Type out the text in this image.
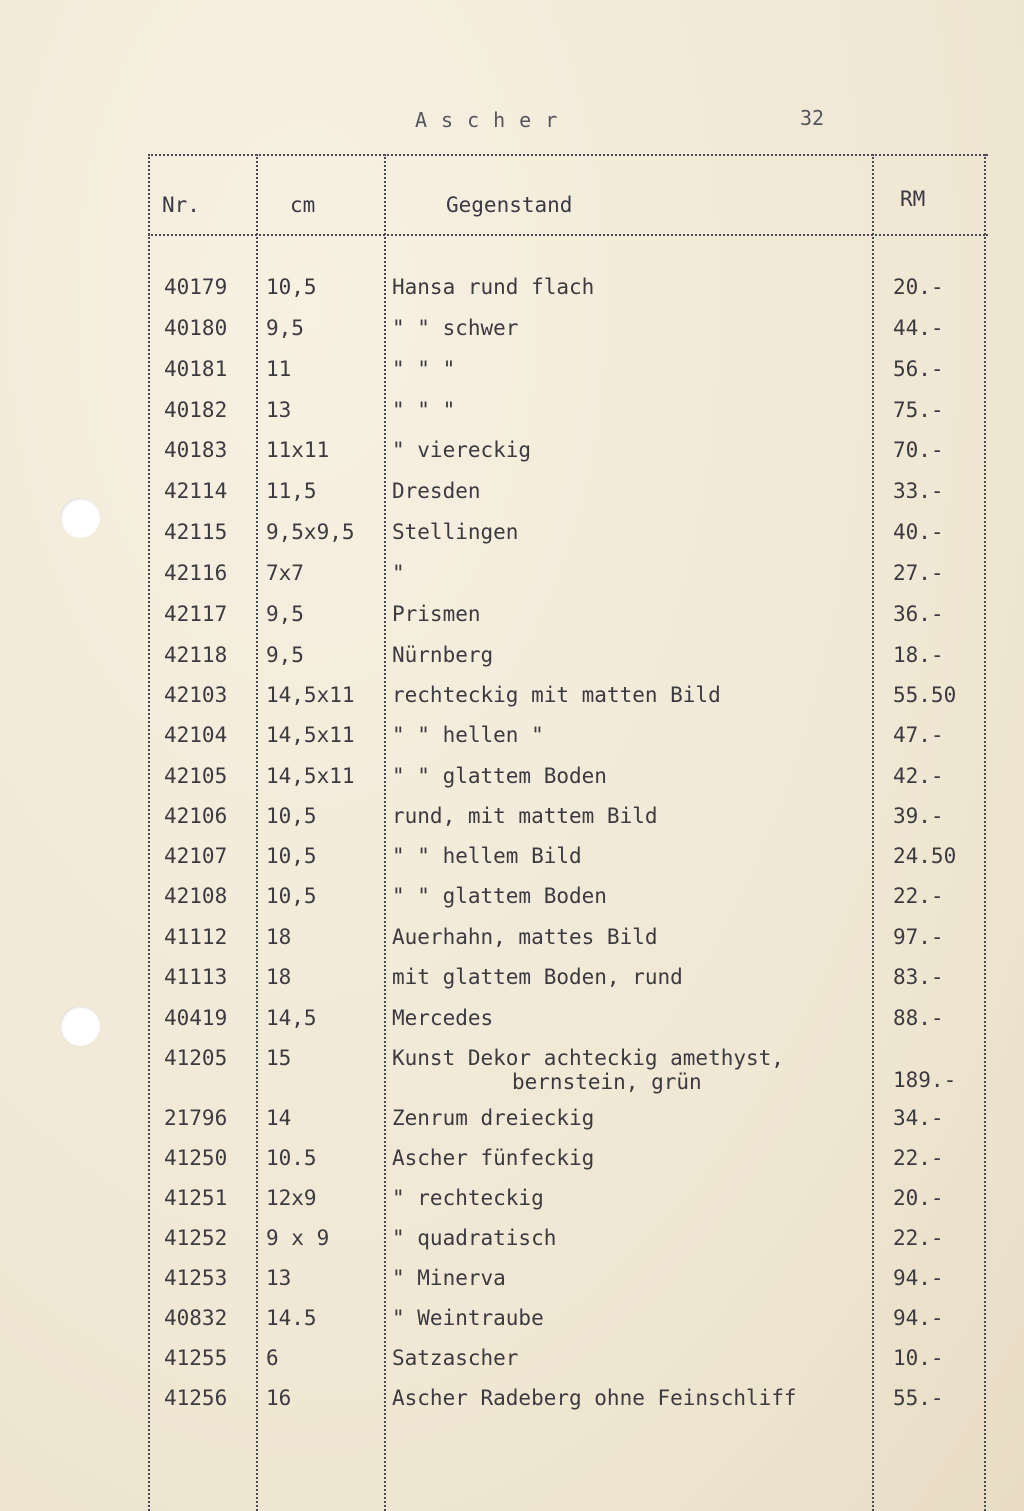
Ascher	32
Nr.	cm	Gegenstand	RM
40179 10,5	Hansa rund flach	20.-
40180 9,5	" " schwer	44.-
40181 11	" " "	56.-
40182 13	" " "	75.-
40183 11x11	" viereckig	70.-
42114 11,5	Dresden	33.-
42115 9,5x9,5 Stellingen	40.-
42116 7x7	"	27.-
42117 9,5	Prismen	36.-
42118 9,5	Nürnberg	18.-
42103 14,5x11 rechteckig mit matten Bild	55.50
42104 14,5x11 " " hellen "	47.-
42105 14,5x11 " " glattem Boden	42.-
42106 10,5	rund, mit mattem Bild	39.-
42107 10,5	" " hellem Bild	24.50
42108 10,5	" " glattem Boden	22.-
41112 18	Auerhahn, mattes Bild	97.-
41113 18	mit glattem Boden, rund	83.-
40419 14,5	Mercedes	88.-
41205 15	Kunst Dekor achteckig amethyst,
bernstein, grün	189.-
21796 14	Zenrum dreieckig	34.-
41250 10.5	Ascher fünfeckig	22.-
41251 12x9	" rechteckig	20.-
41252 9 x 9	" quadratisch	22.-
41253 13	" Minerva	94.-
40832 14.5	" Weintraube	94.-
41255 6	Satzascher	10.-
41256 16	Ascher Radeberg ohne Feinschliff	55.-
